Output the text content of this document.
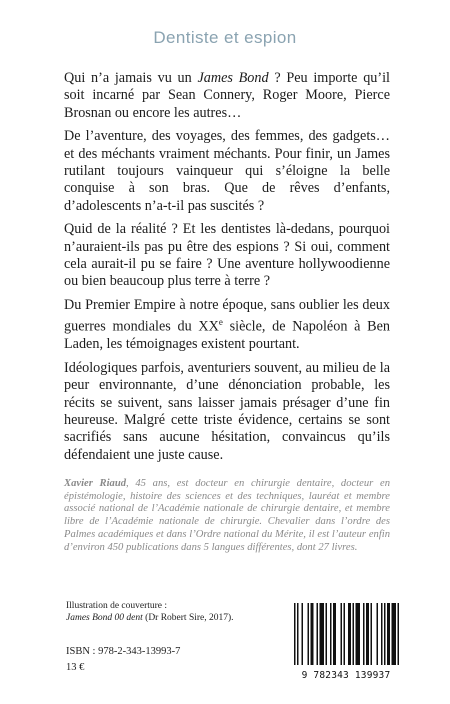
Dentiste et espion

Qui n’a jamais vu un James Bond ? Peu importe qu’il soit incarné par Sean Connery, Roger Moore, Pierce Brosnan ou encore les autres…

De l’aventure, des voyages, des femmes, des gadgets… et des méchants vraiment méchants. Pour finir, un James rutilant toujours vainqueur qui s’éloigne la belle conquise à son bras. Que de rêves d’enfants, d’adolescents n’a-t-il pas suscités ?

Quid de la réalité ? Et les dentistes là-dedans, pourquoi n’auraient-ils pas pu être des espions ? Si oui, comment cela aurait-il pu se faire ? Une aventure hollywoodienne ou bien beaucoup plus terre à terre ?

Du Premier Empire à notre époque, sans oublier les deux guerres mondiales du XXe siècle, de Napoléon à Ben Laden, les témoignages existent pourtant.

Idéologiques parfois, aventuriers souvent, au milieu de la peur environnante, d’une dénonciation probable, les récits se suivent, sans laisser jamais présager d’une fin heureuse. Malgré cette triste évidence, certains se sont sacrifiés sans aucune hésitation, convaincus qu’ils défendaient une juste cause.

Xavier Riaud, 45 ans, est docteur en chirurgie dentaire, docteur en épistémologie, histoire des sciences et des techniques, lauréat et membre associé national de l’Académie nationale de chirurgie dentaire, et membre libre de l’Académie nationale de chirurgie. Chevalier dans l’ordre des Palmes académiques et dans l’Ordre national du Mérite, il est l’auteur enfin d’environ 450 publications dans 5 langues différentes, dont 27 livres.
Illustration de couverture :
James Bond 00 dent (Dr Robert Sire, 2017).
ISBN : 978-2-343-13993-7
13 €
9 782343 139937
